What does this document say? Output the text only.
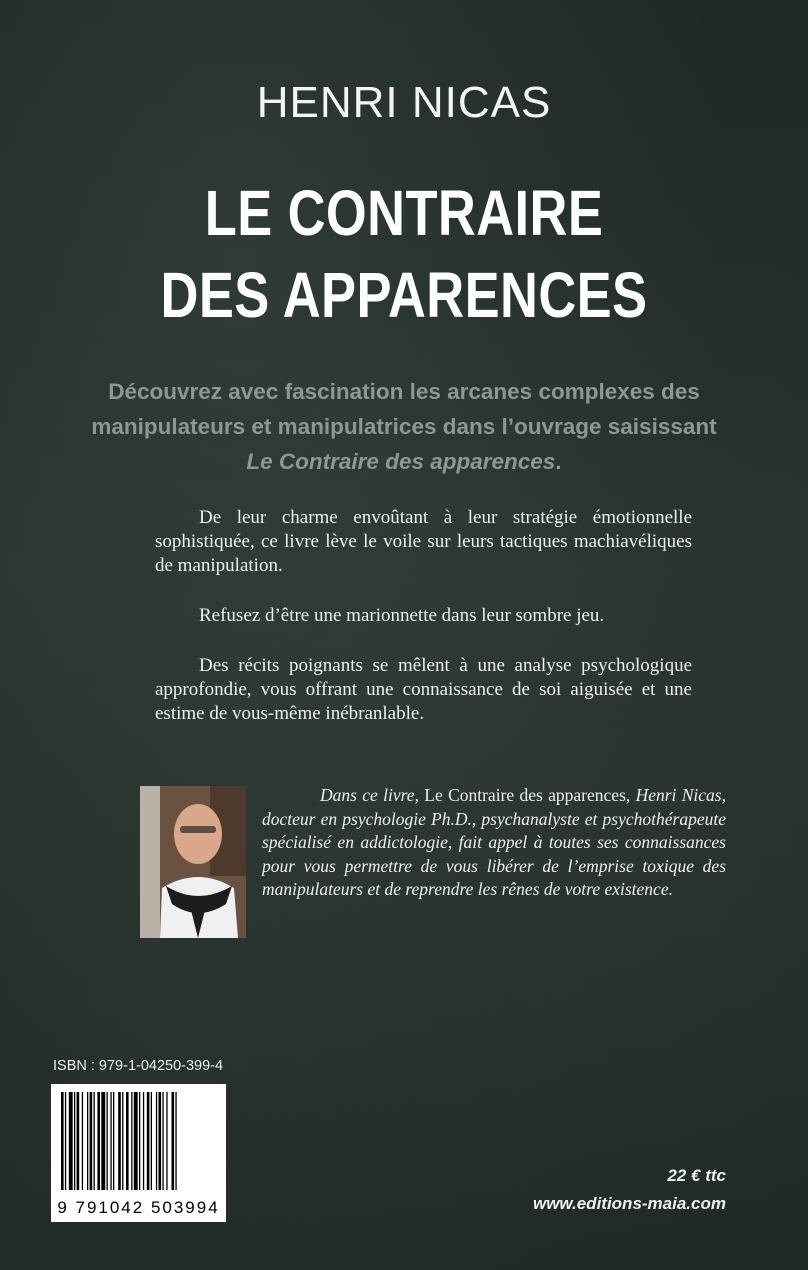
HENRI NICAS
LE CONTRAIRE
DES APPARENCES
Découvrez avec fascination les arcanes complexes des manipulateurs et manipulatrices dans l’ouvrage saisissant Le Contraire des apparences.

De leur charme envoûtant à leur stratégie émotionnelle sophistiquée, ce livre lève le voile sur leurs tactiques machiavéliques de manipulation.

Refusez d’être une marionnette dans leur sombre jeu.

Des récits poignants se mêlent à une analyse psychologique approfondie, vous offrant une connaissance de soi aiguisée et une estime de vous-même inébranlable.

Dans ce livre, Le Contraire des apparences, Henri Nicas, docteur en psychologie Ph.D., psychanalyste et psychothérapeute spécialisé en addictologie, fait appel à toutes ses connaissances pour vous permettre de vous libérer de l’emprise toxique des manipulateurs et de reprendre les rênes de votre existence.
ISBN : 979-1-04250-399-4
9 791042 503994
22 € ttc
www.editions-maia.com
